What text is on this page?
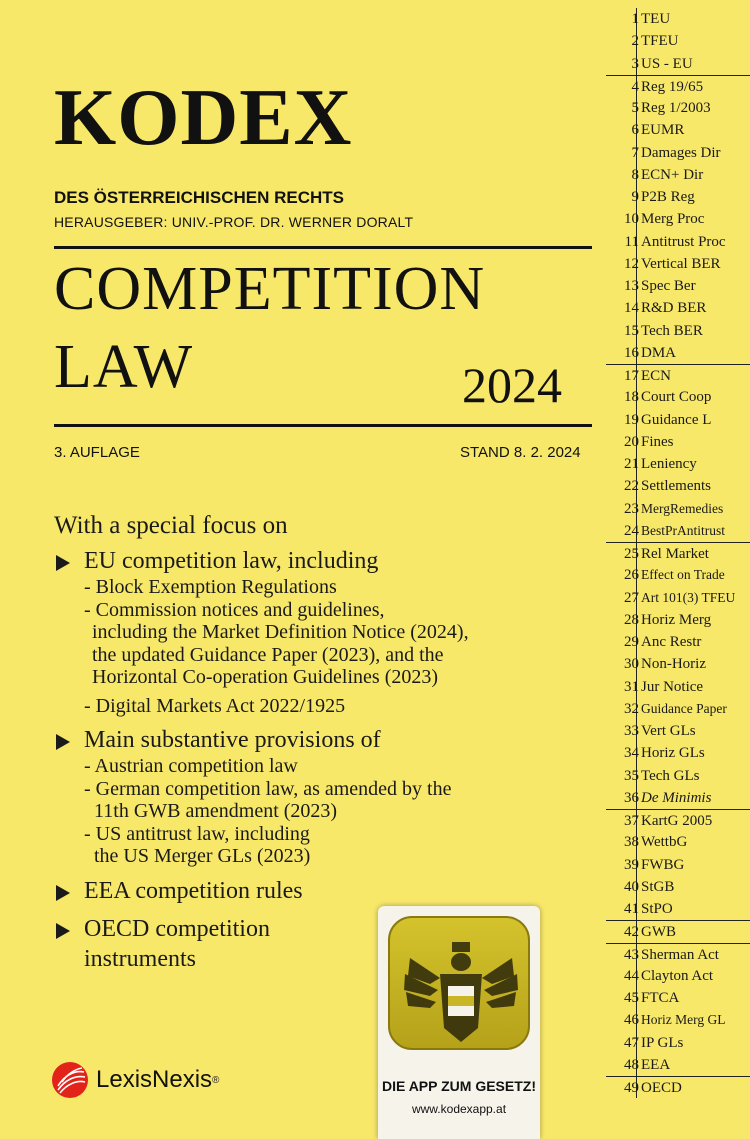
KODEX
DES ÖSTERREICHISCHEN RECHTS
HERAUSGEBER: UNIV.-PROF. DR. WERNER DORALT
COMPETITION
LAW	2024
3. AUFLAGE	STAND 8. 2. 2024
With a special focus on
EU competition law, including
- Block Exemption Regulations
- Commission notices and guidelines,
including the Market Definition Notice (2024),
the updated Guidance Paper (2023), and the
Horizontal Co-operation Guidelines (2023)
- Digital Markets Act 2022/1925
Main substantive provisions of
- Austrian competition law
- German competition law, as amended by the
11th GWB amendment (2023)
- US antitrust law, including
the US Merger GLs (2023)
EEA competition rules
OECD competition
instruments
LexisNexis ®	DIE APP ZUM GESETZ!
www.kodexapp.at
1 TEU
2 TFEU
3 US - EU
4 Reg 19/65
5 Reg 1/2003
6 EUMR
7 Damages Dir
8 ECN+ Dir
9 P2B Reg
10 Merg Proc
11 Antitrust Proc
12 Vertical BER
13 Spec Ber
14 R&D BER
15 Tech BER
16 DMA
17 ECN
18 Court Coop
19 Guidance L
20 Fines
21 Leniency
22 Settlements
23 MergRemedies
24 BestPrAntitrust
25 Rel Market
26 Effect on Trade
27 Art 101(3) TFEU
28 Horiz Merg
29 Anc Restr
30 Non-Horiz
31 Jur Notice
32 Guidance Paper
33 Vert GLs
34 Horiz GLs
35 Tech GLs
36 De Minimis
37 KartG 2005
38 WettbG
39 FWBG
40 StGB
41 StPO
42 GWB
43 Sherman Act
44 Clayton Act
45 FTCA
46 Horiz Merg GL
47 IP GLs
48 EEA
49 OECD
